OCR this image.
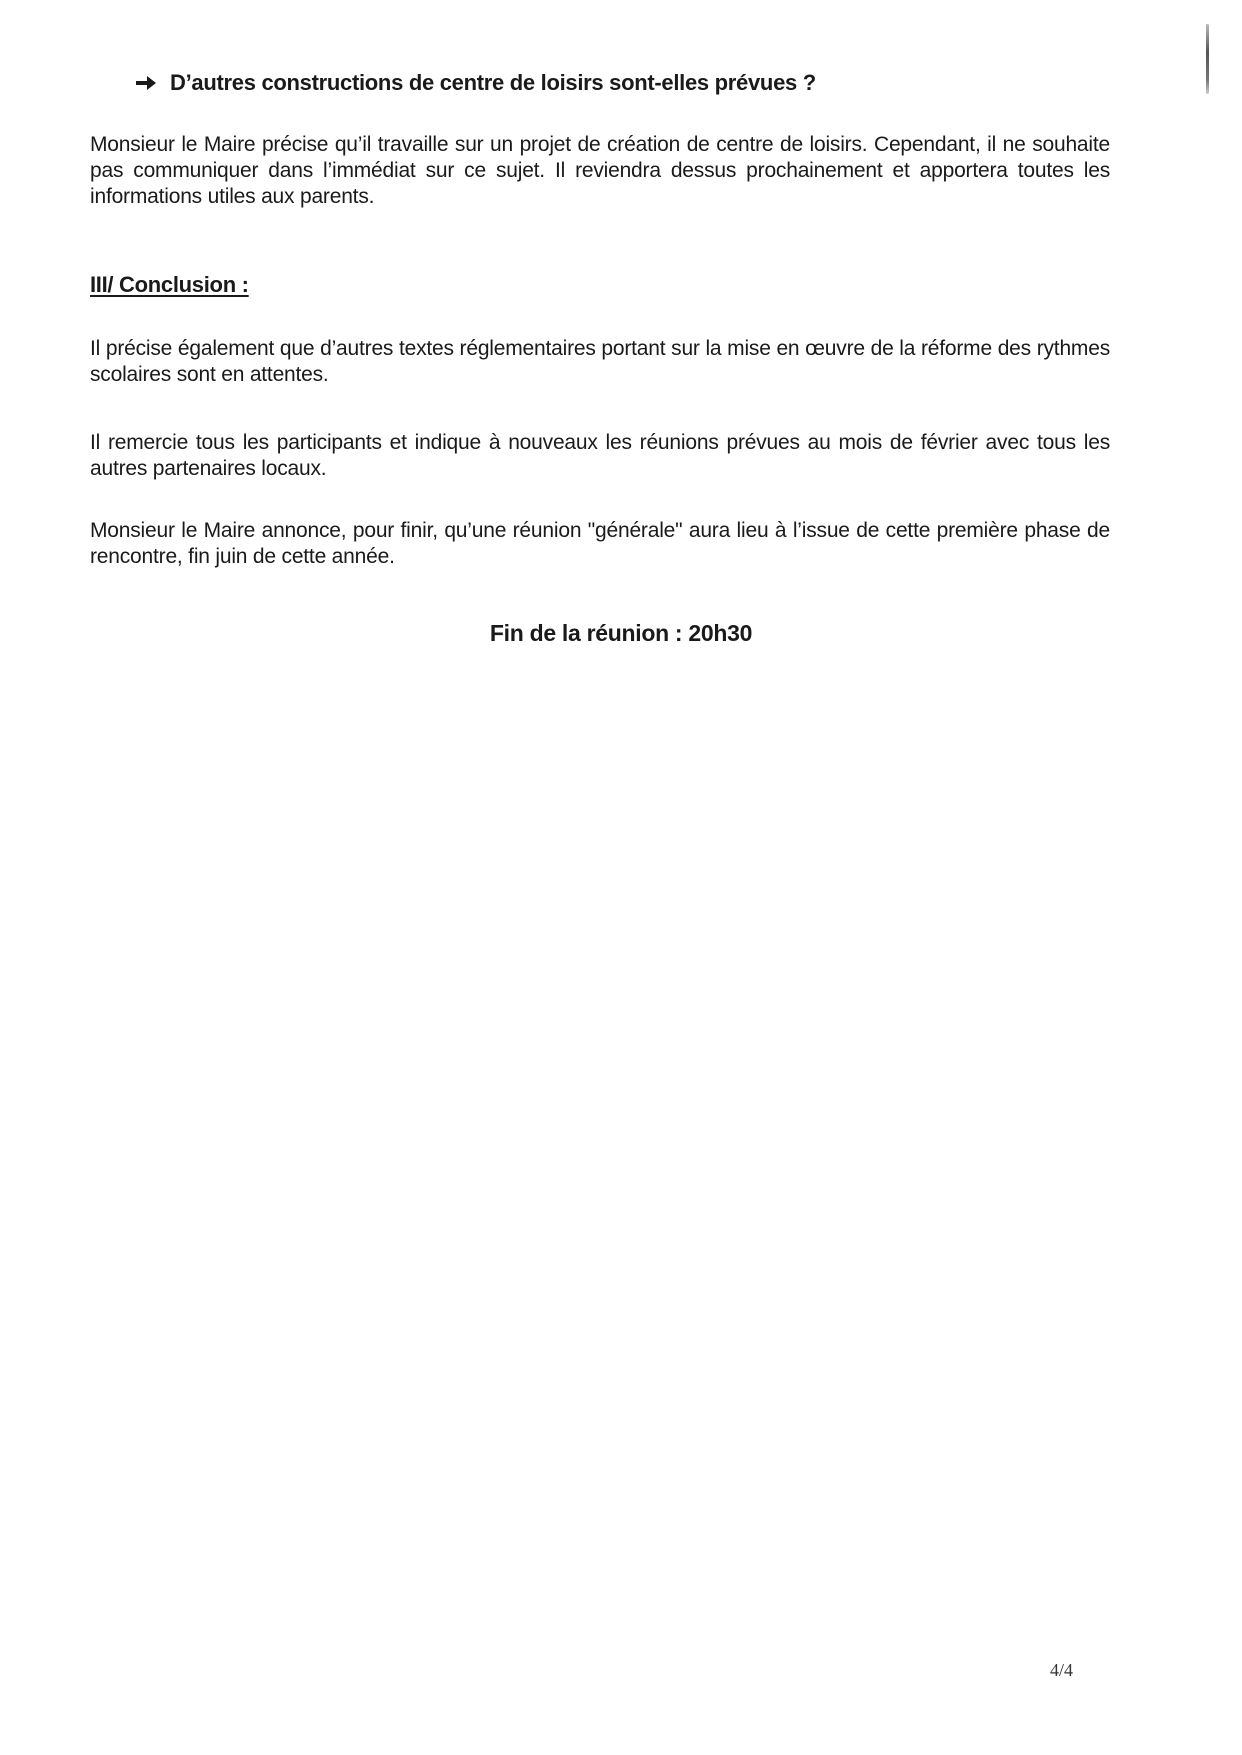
D’autres constructions de centre de loisirs sont-elles prévues ?
Monsieur le Maire précise qu’il travaille sur un projet de création de centre de loisirs. Cependant, il ne souhaite pas communiquer dans l’immédiat sur ce sujet. Il reviendra dessus prochainement et apportera toutes les informations utiles aux parents.
III/ Conclusion :
Il précise également que d’autres textes réglementaires portant sur la mise en œuvre de la réforme des rythmes scolaires sont en attentes.
Il remercie tous les participants et indique à nouveaux les réunions prévues au mois de février avec tous les autres partenaires locaux.
Monsieur le Maire annonce, pour finir, qu’une réunion "générale" aura lieu à l’issue de cette première phase de rencontre, fin juin de cette année.
Fin de la réunion : 20h30
4/4
